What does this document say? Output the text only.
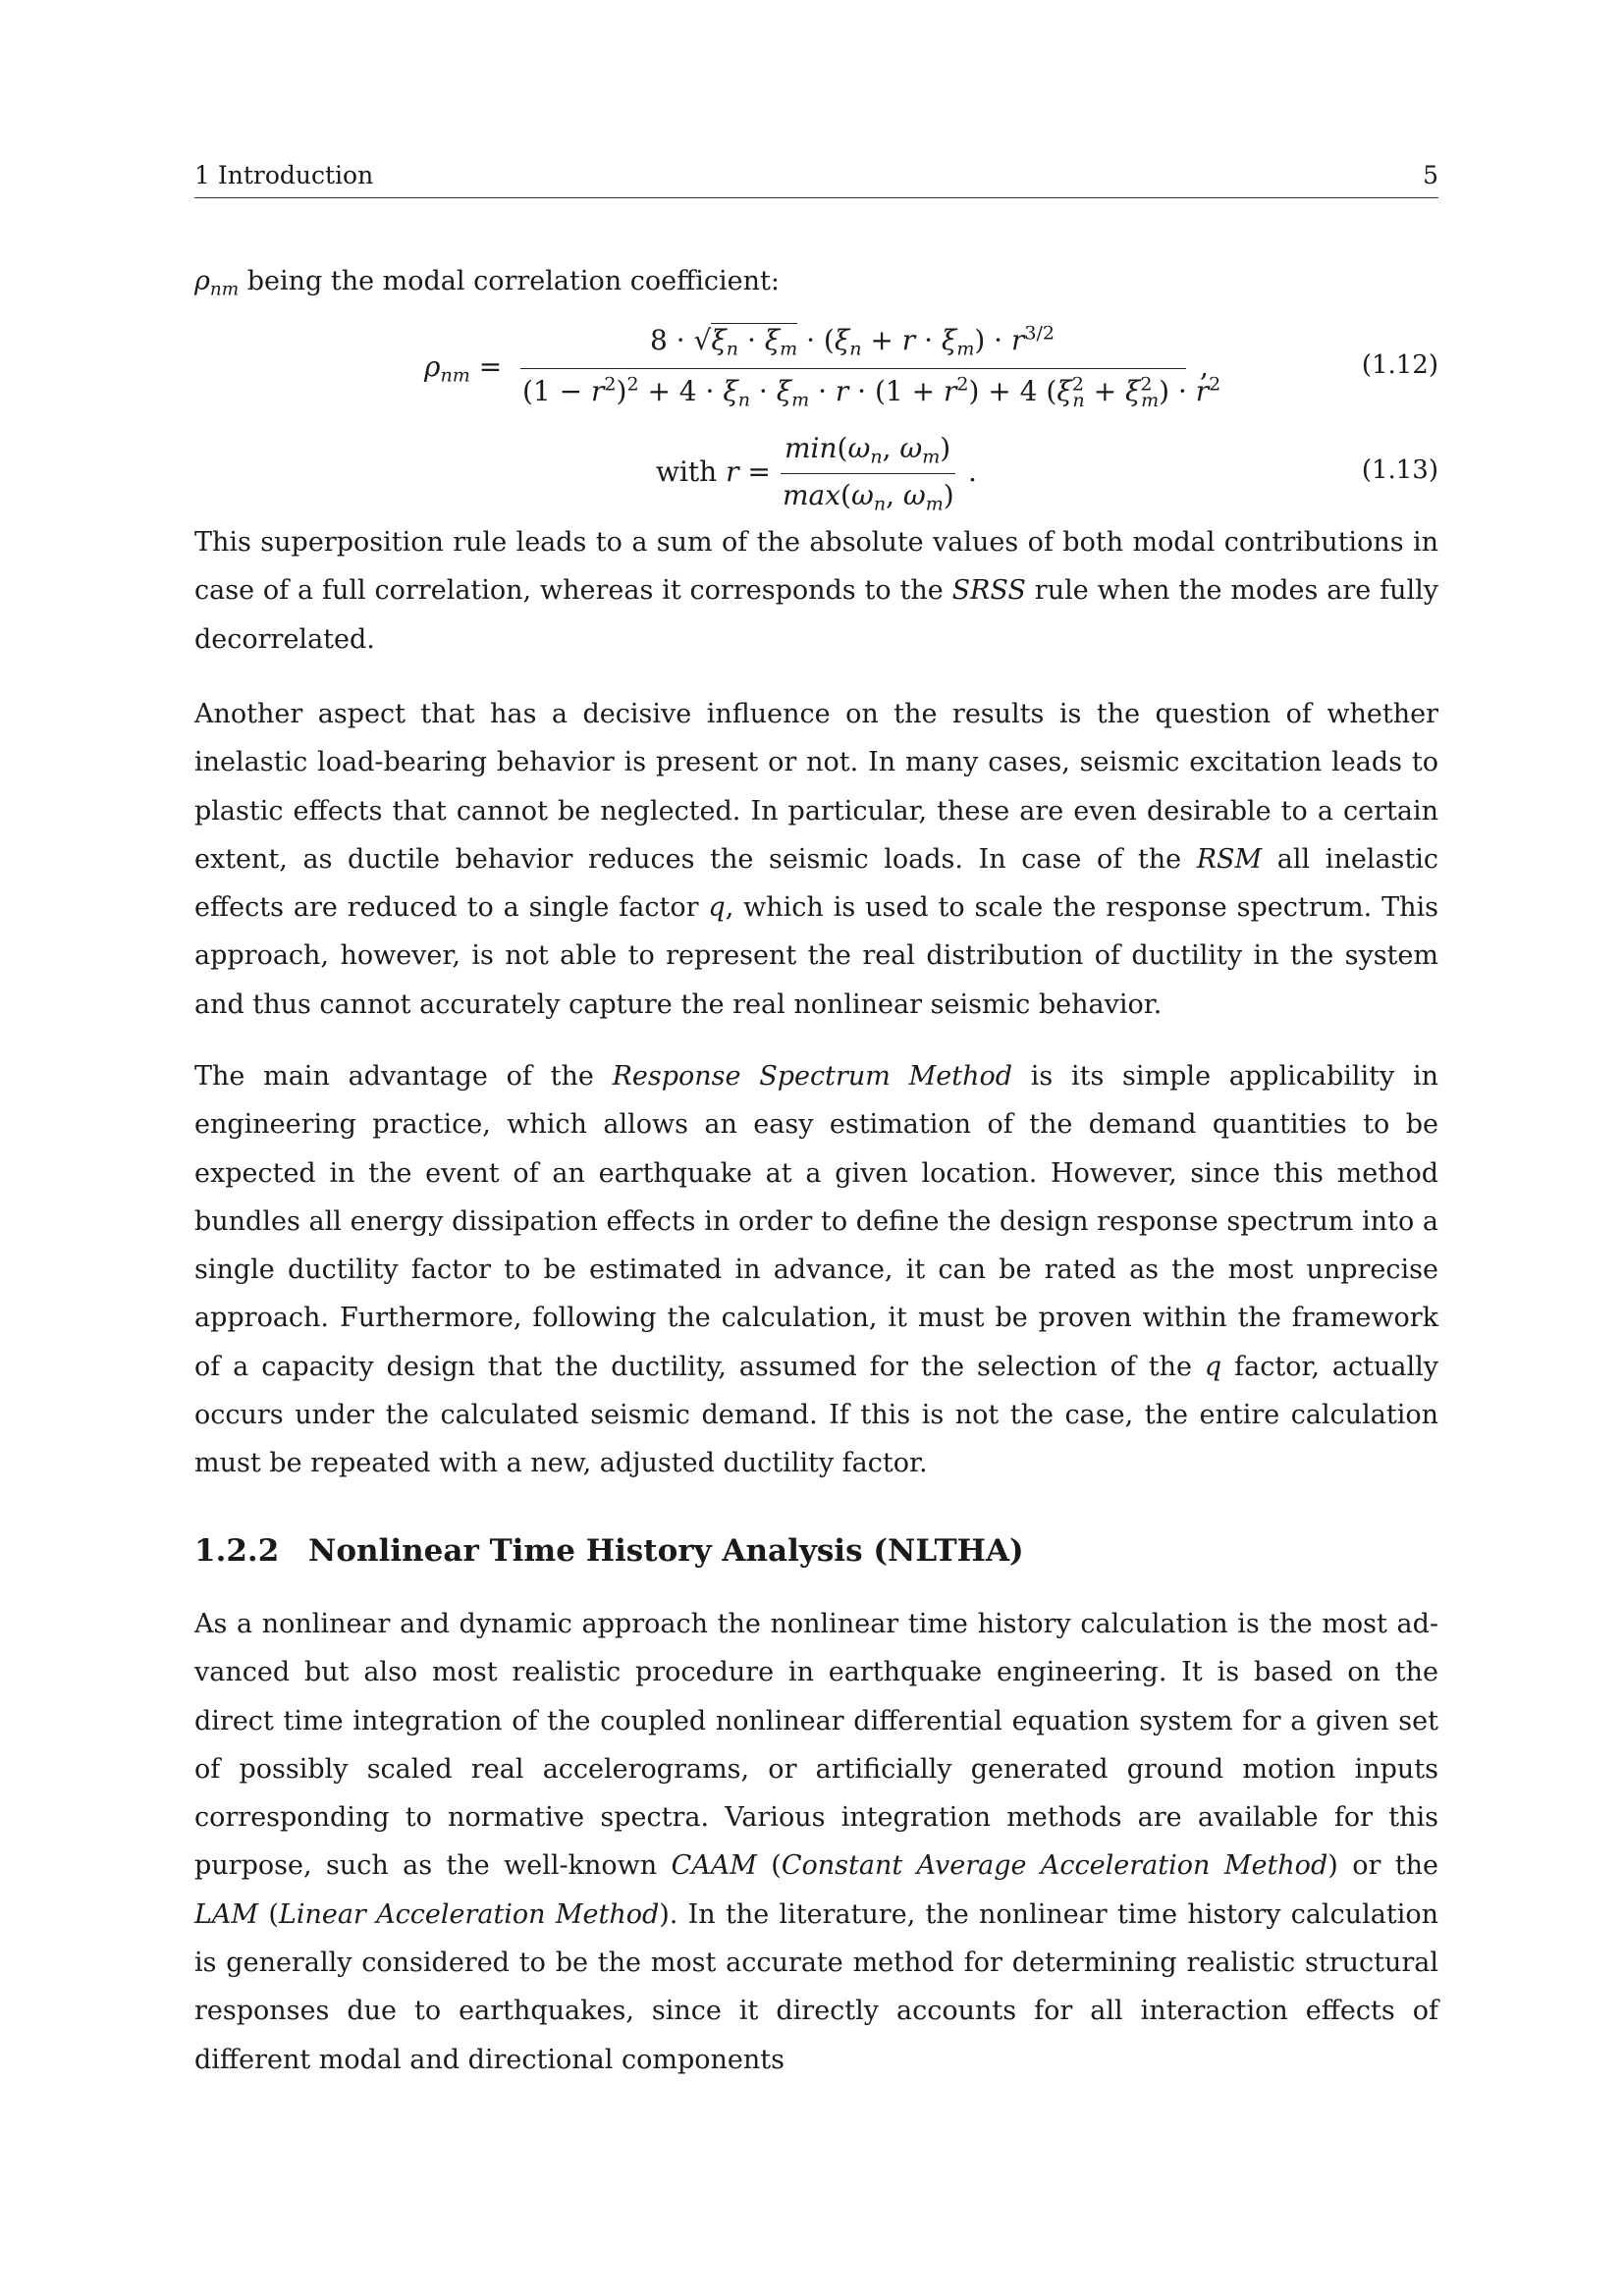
1 Introduction	5
$\rho_{nm}$ being the modal correlation coefficient:
$\rho_{nm}$ =
$8 \cdot √\xi_n \cdot \xi_m \cdot (\xi_n + r \cdot \xi_m) \cdot r^{3/2}$
$(1 - r^2)^2 + 4 \cdot \xi_n \cdot \xi_m \cdot r \cdot (1 + r^2) + 4$ $(\xi^2_n + \xi^2_m) \cdot r^2$
,	(1.12)
with r =
$\min(\omega_n$, $\omega_m$)
$\max(\omega_n$, $\omega_m$)
.	(1.13)

This superposition rule leads to a sum of the absolute values of both modal contributions in case of a full correlation, whereas it corresponds to the SRSS rule when the modes are fully decorrelated.

Another aspect that has a decisive influence on the results is the question of whether inelastic load-bearing behavior is present or not. In many cases, seismic excitation leads to plastic effects that cannot be neglected. In particular, these are even desirable to a certain extent, as ductile behavior reduces the seismic loads. In case of the RSM all inelastic effects are reduced to a single factor q, which is used to scale the response spectrum. This approach, however, is not able to represent the real distribution of ductility in the system and thus cannot accurately capture the real nonlinear seismic behavior.

The main advantage of the Response Spectrum Method is its simple applicability in engineering practice, which allows an easy estimation of the demand quantities to be expected in the event of an earthquake at a given location. However, since this method bundles all energy dissipation effects in order to define the design response spectrum into a single ductility factor to be estimated in advance, it can be rated as the most unprecise approach. Furthermore, following the calculation, it must be proven within the framework of a capacity design that the ductility, assumed for the selection of the q factor, actually occurs under the calculated seismic demand. If this is not the case, the entire calculation must be repeated with a new, adjusted ductility factor.

1.2.2 Nonlinear Time History Analysis (NLTHA)

As a nonlinear and dynamic approach the nonlinear time history calculation is the most advanced but also most realistic procedure in earthquake engineering. It is based on the direct time integration of the coupled nonlinear differential equation system for a given set of possibly scaled real accelerograms, or artificially generated ground motion inputs corresponding to normative spectra. Various integration methods are available for this purpose, such as the well-known CAAM (Constant Average Acceleration Method) or the LAM (Linear Acceleration Method). In the literature, the nonlinear time history calculation is generally considered to be the most accurate method for determining realistic structural responses due to earthquakes, since it directly accounts for all interaction effects of different modal and directional components
